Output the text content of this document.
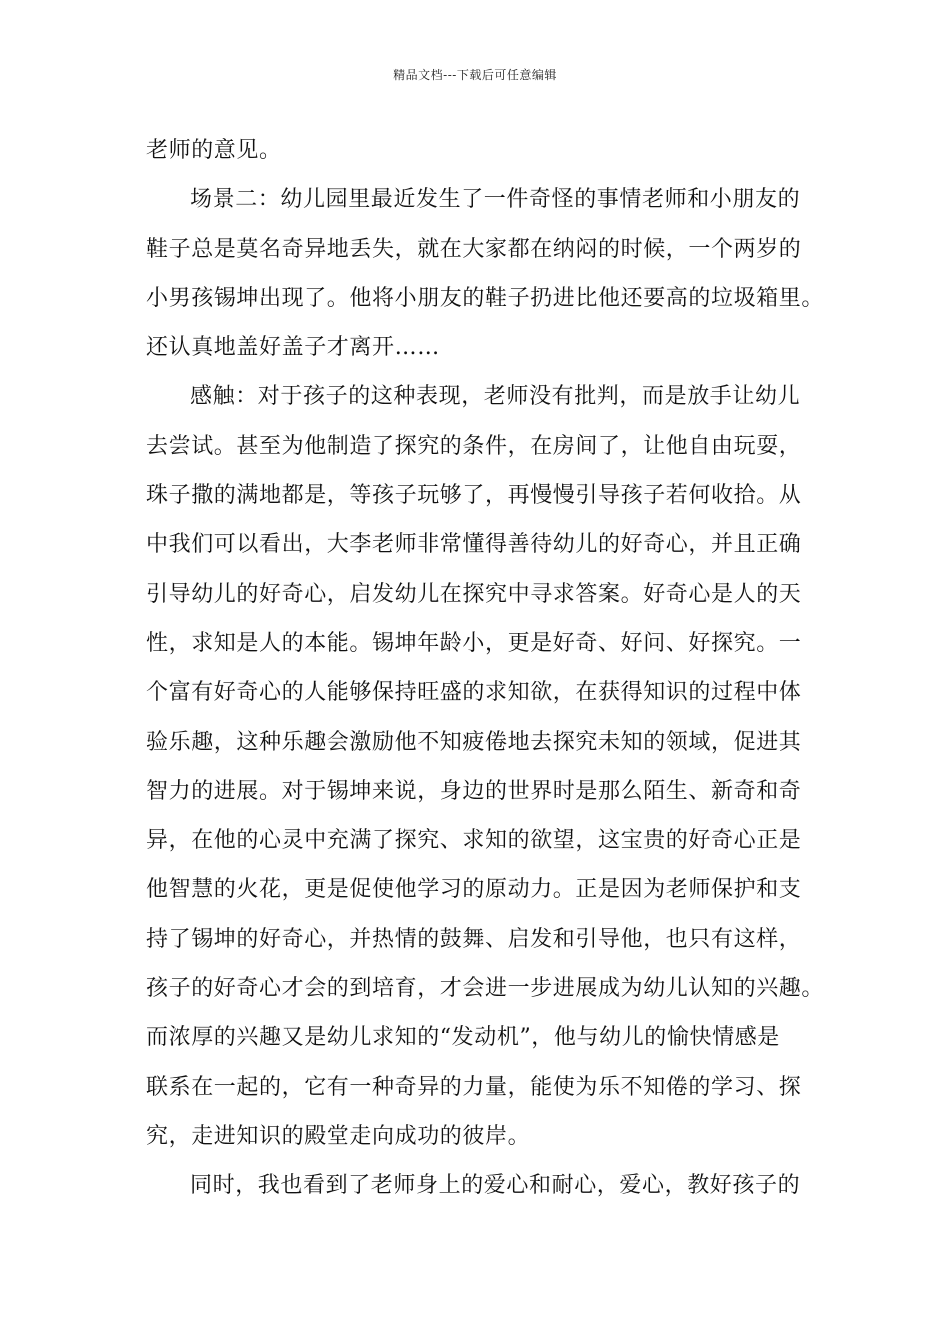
精品文档---下载后可任意编辑
老师的意见。
场景二：幼儿园里最近发生了一件奇怪的事情老师和小朋友的
鞋子总是莫名奇异地丢失，就在大家都在纳闷的时候，一个两岁的
小男孩锡坤出现了。他将小朋友的鞋子扔进比他还要高的垃圾箱里。
还认真地盖好盖子才离开……
感触：对于孩子的这种表现，老师没有批判，而是放手让幼儿
去尝试。甚至为他制造了探究的条件，在房间了，让他自由玩耍，
珠子撒的满地都是，等孩子玩够了，再慢慢引导孩子若何收拾。从
中我们可以看出，大李老师非常懂得善待幼儿的好奇心，并且正确
引导幼儿的好奇心，启发幼儿在探究中寻求答案。好奇心是人的天
性，求知是人的本能。锡坤年龄小，更是好奇、好问、好探究。一
个富有好奇心的人能够保持旺盛的求知欲，在获得知识的过程中体
验乐趣，这种乐趣会激励他不知疲倦地去探究未知的领域，促进其
智力的进展。对于锡坤来说，身边的世界时是那么陌生、新奇和奇
异，在他的心灵中充满了探究、求知的欲望，这宝贵的好奇心正是
他智慧的火花，更是促使他学习的原动力。正是因为老师保护和支
持了锡坤的好奇心，并热情的鼓舞、启发和引导他，也只有这样，
孩子的好奇心才会的到培育，才会进一步进展成为幼儿认知的兴趣。
而浓厚的兴趣又是幼儿求知的“发动机”，他与幼儿的愉快情感是
联系在一起的，它有一种奇异的力量，能使为乐不知倦的学习、探
究，走进知识的殿堂走向成功的彼岸。
同时，我也看到了老师身上的爱心和耐心，爱心，教好孩子的
